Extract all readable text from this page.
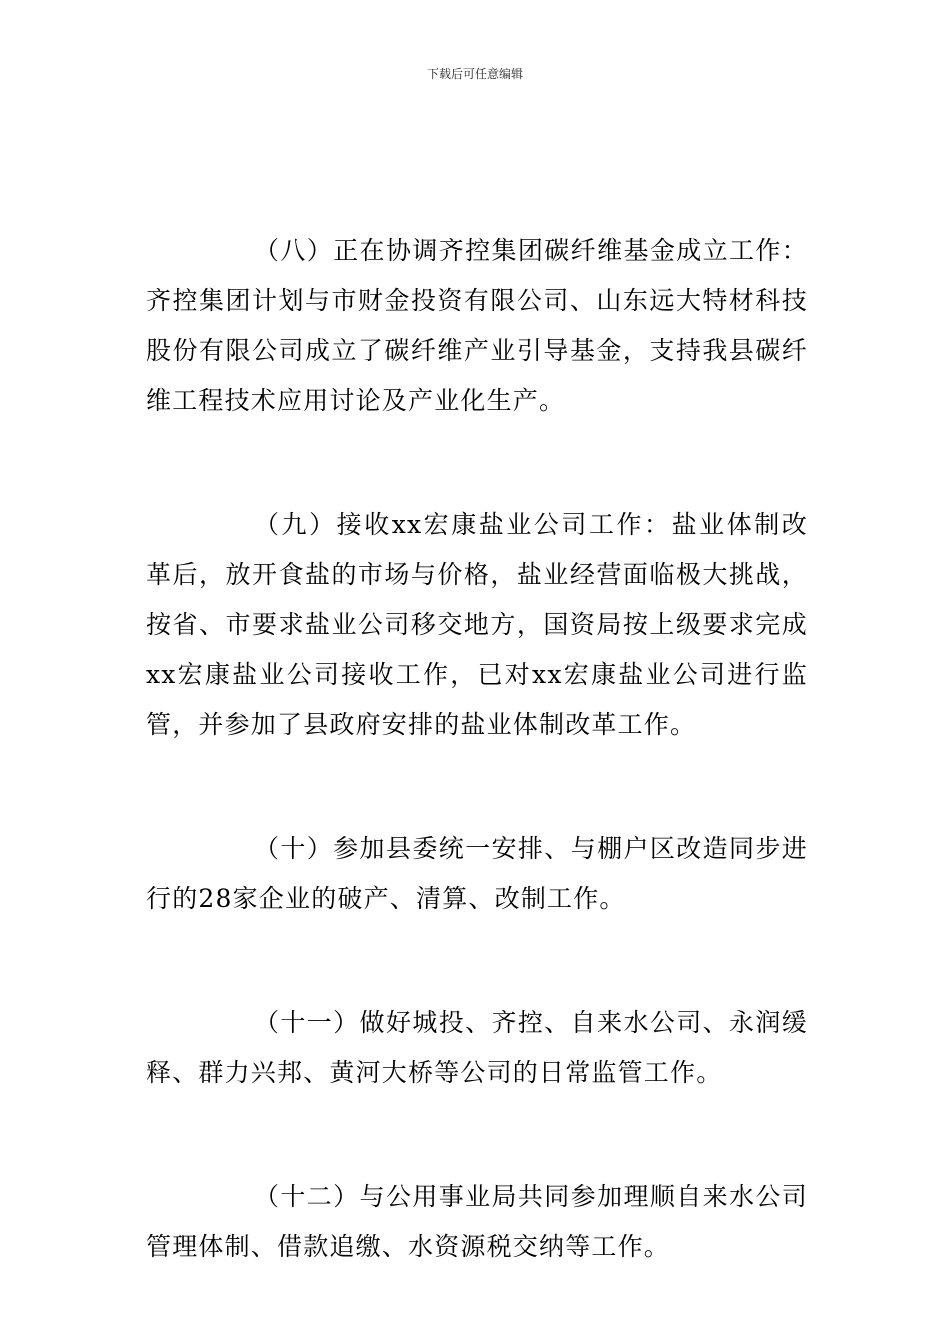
下载后可任意编辑

（八）正在协调齐控集团碳纤维基金成立工作：齐控集团计划与市财金投资有限公司、山东远大特材科技股份有限公司成立了碳纤维产业引导基金，支持我县碳纤维工程技术应用讨论及产业化生产。

（九）接收xx宏康盐业公司工作：盐业体制改革后，放开食盐的市场与价格，盐业经营面临极大挑战，按省、市要求盐业公司移交地方，国资局按上级要求完成xx宏康盐业公司接收工作，已对xx宏康盐业公司进行监管，并参加了县政府安排的盐业体制改革工作。

（十）参加县委统一安排、与棚户区改造同步进行的28家企业的破产、清算、改制工作。

（十一）做好城投、齐控、自来水公司、永润缓释、群力兴邦、黄河大桥等公司的日常监管工作。

（十二）与公用事业局共同参加理顺自来水公司管理体制、借款追缴、水资源税交纳等工作。
